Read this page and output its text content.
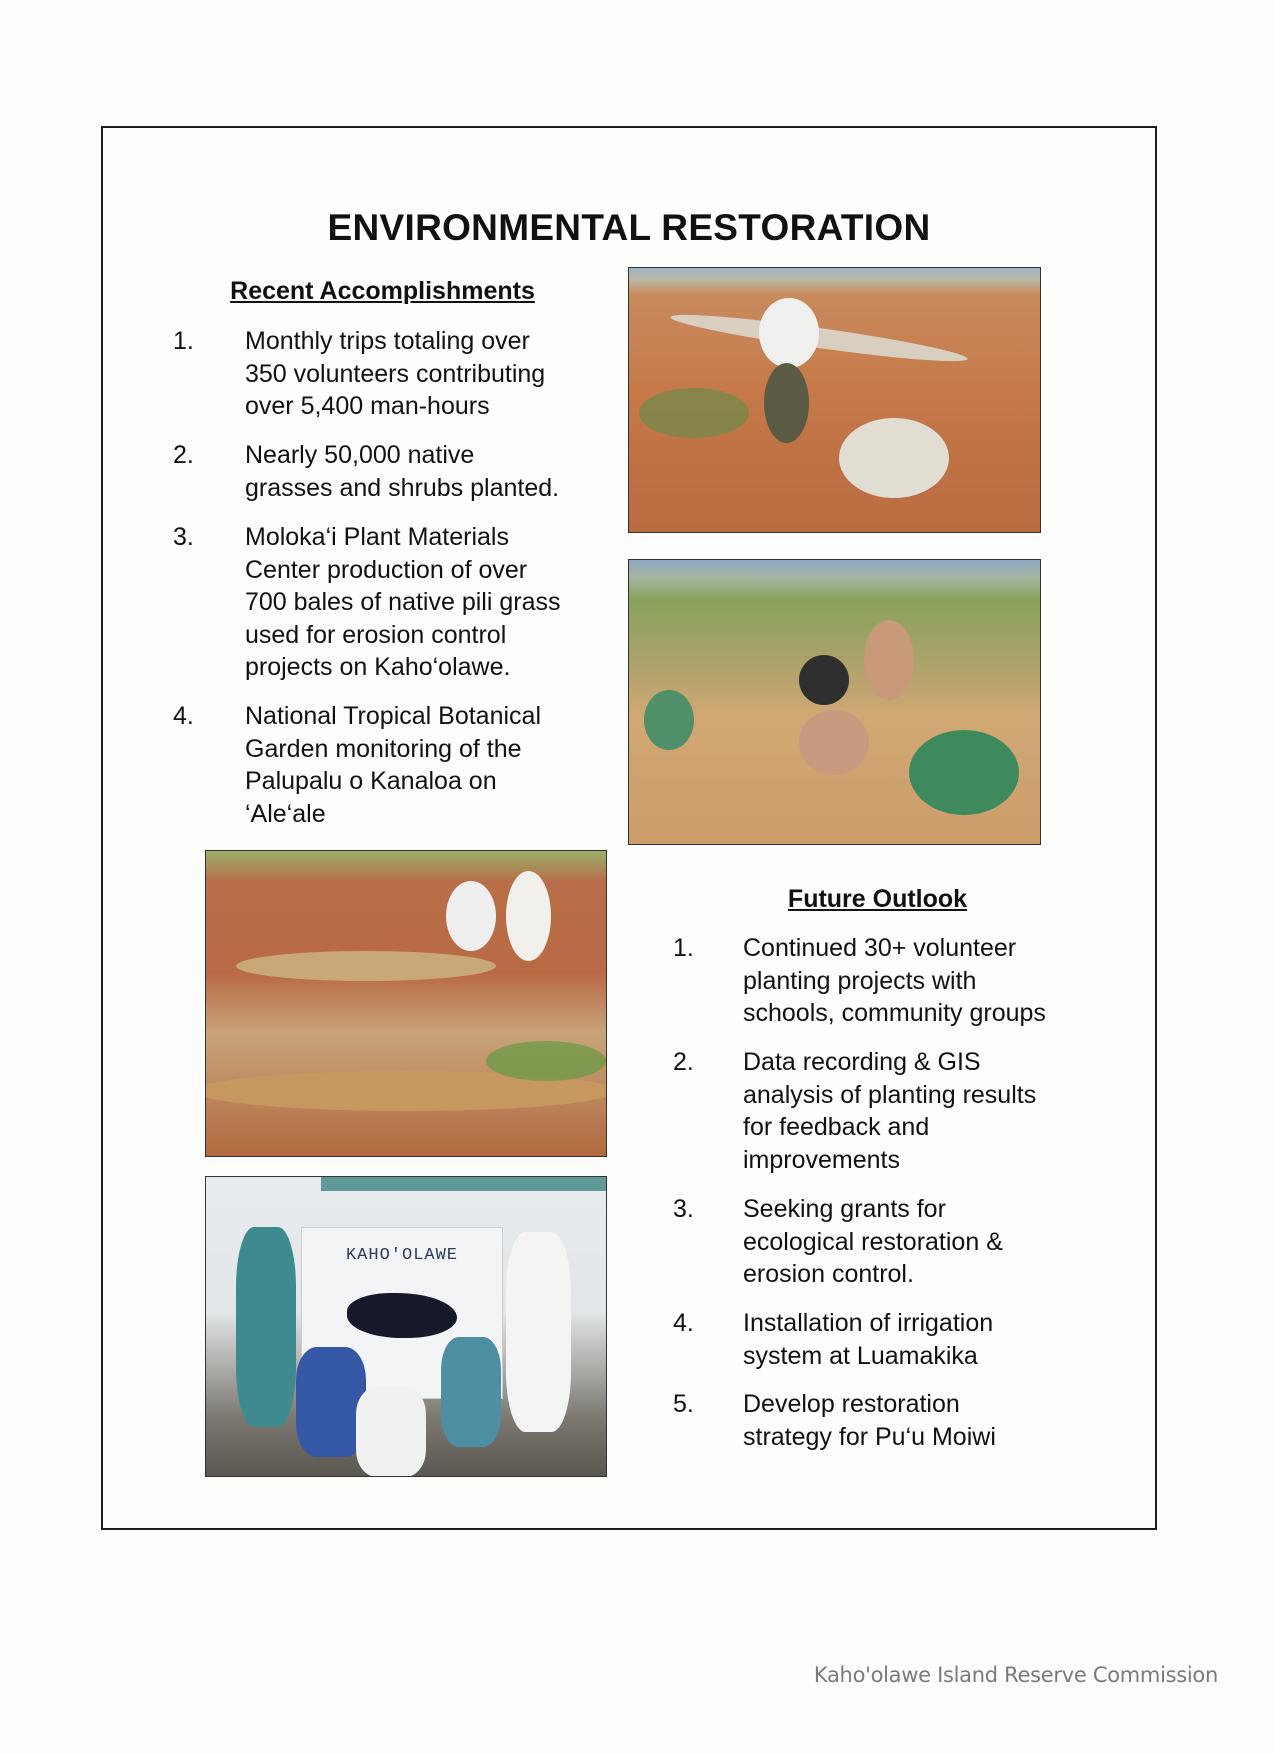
ENVIRONMENTAL RESTORATION
Recent Accomplishments
1. Monthly trips totaling over
350 volunteers contributing
over 5,400 man-hours
2. Nearly 50,000 native
grasses and shrubs planted.
3. Moloka‘i Plant Materials
Center production of over
700 bales of native pili grass
used for erosion control
projects on Kaho‘olawe.
4. National Tropical Botanical
Garden monitoring of the
Palupalu o Kanaloa on
‘Ale‘ale
KAHO'OLAWE
Future Outlook
1. Continued 30+ volunteer
planting projects with
schools, community groups
2. Data recording & GIS
analysis of planting results
for feedback and
improvements
3. Seeking grants for
ecological restoration &
erosion control.
4. Installation of irrigation
system at Luamakika
5. Develop restoration
strategy for Pu‘u Moiwi
Kaho'olawe Island Reserve Commission
